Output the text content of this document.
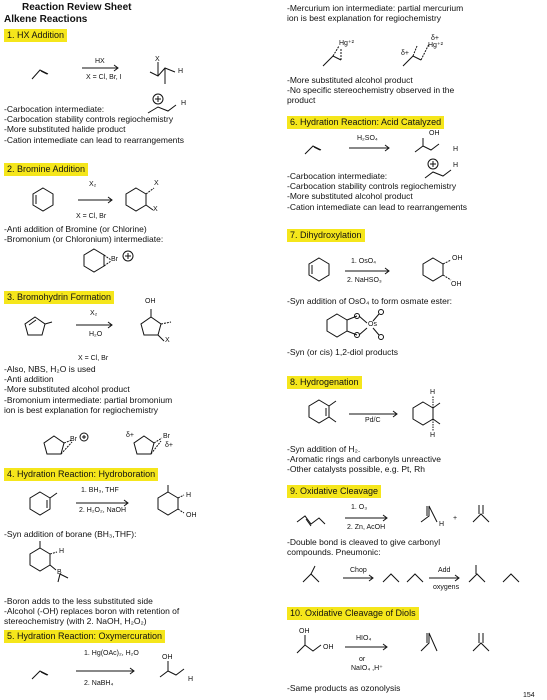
Reaction Review Sheet
Alkene Reactions
1. HX Addition
HX
X = Cl, Br, I
X
H
-Carbocation intermediate:
-Carbocation stability controls regiochemistry
-More substituted halide product
-Cation intemediate can lead to rearrangements
H
2. Bromine Addition
X₂
X = Cl, Br
X
X
-Anti addition of Bromine (or Chlorine)
-Bromonium (or Chloronium) intermediate:
Br
3. Bromohydrin Formation
X₂
H₂O
OH
X
X = Cl, Br
-Also, NBS, H₂O is used
-Anti addition
-More substituted alcohol product
-Bromonium intermediate: partial bromonium
ion is best explanation for regiochemistry
Br
δ+	Br
δ+
4. Hydration Reaction: Hydroboration
1. BH₃, THF
2. H₂O₂, NaOH
H
OH
-Syn addition of borane (BH₃,THF):
H
B
-Boron adds to the less substituted side
-Alcohol (-OH) replaces boron with retention of
stereochemistry (with 2. NaOH, H₂O₂)
5. Hydration Reaction: Oxymercuration
1. Hg(OAc)₂, H₂O
2. NaBH₄
OH
H
-Mercurium ion intermediate: partial mercurium
ion is best explanation for regiochemistry
Hg⁺²
δ+
Hg⁺²
δ+
-More substituted alcohol product
-No specific stereochemistry observed in the
product
6. Hydration Reaction: Acid Catalyzed
H₂SO₄
OH
H
H
-Carbocation intermediate:
-Carbocation stability controls regiochemistry
-More substituted alcohol product
-Cation intemediate can lead to rearrangements
7. Dihydroxylation
1. OsO₄
2. NaHSO₃
OH
OH
-Syn addition of OsO₄ to form osmate ester:
Os
-Syn (or cis) 1,2-diol products
8. Hydrogenation
Pd/C
H
H
-Syn addition of H₂.
-Aromatic rings and carbonyls unreactive
-Other catalysts possible, e.g. Pt, Rh
9. Oxidative Cleavage
1. O₃
2. Zn, AcOH	H
+
-Double bond is cleaved to give carbonyl
compounds. Pneumonic:
Chop	Add
oxygens
10. Oxidative Cleavage of Diols
OH
OH
HIO₄
or
NaIO₄ ,H⁺
-Same products as ozonolysis
154
